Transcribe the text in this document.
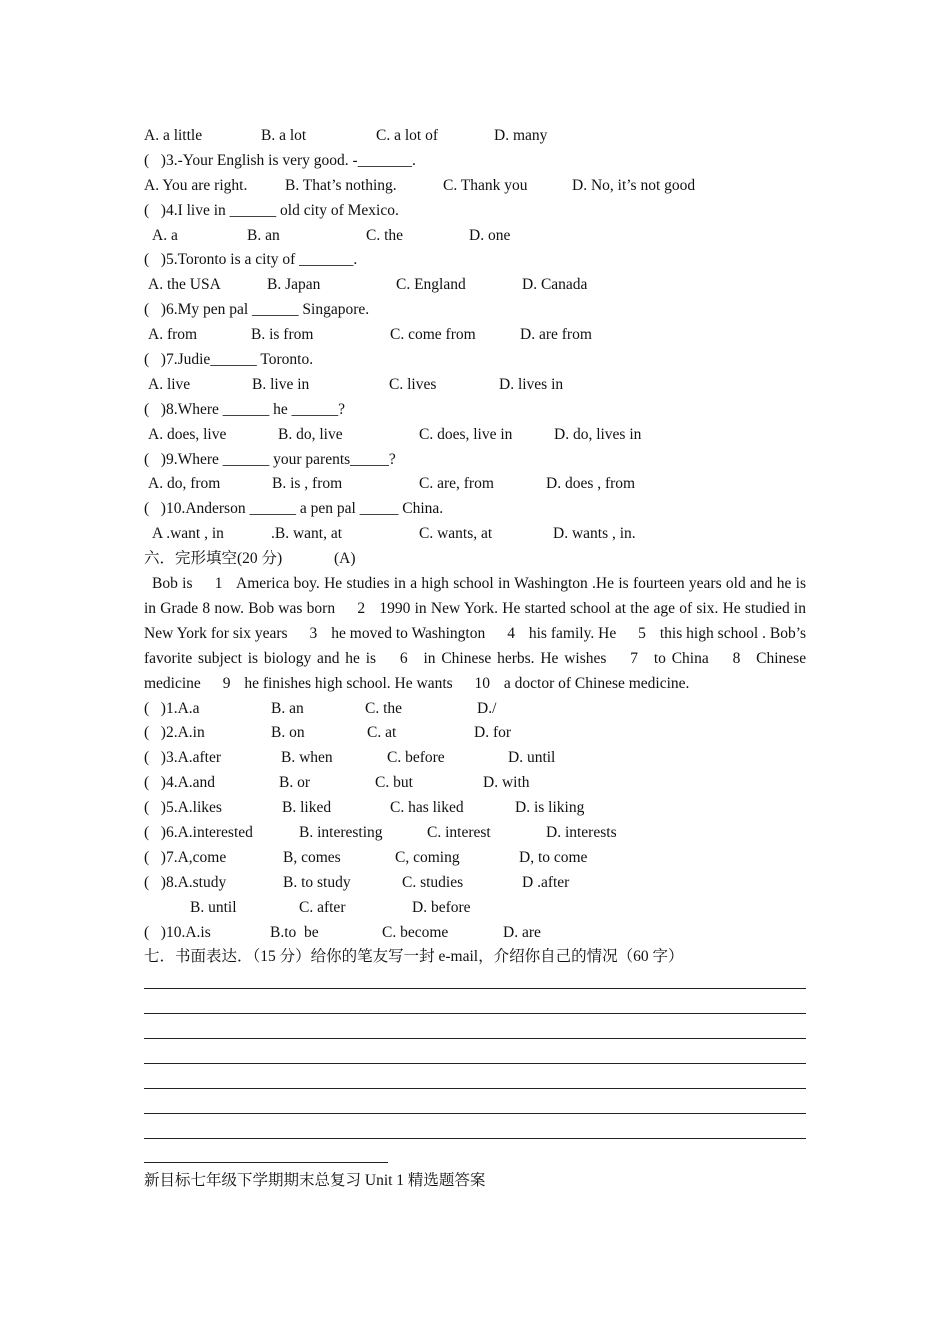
A. a little

	B. a lot

	C. a lot of

	D. many

(   )3.-Your English is very good. -_______.

A. You are right.

B. That’s nothing.

	C. Thank you

	D. No, it’s not good

(   )4.I live in ______ old city of Mexico.

A. a

	B. an

	C. the

	D. one

(   )5.Toronto is a city of _______.

A. the USA

	B. Japan

	C. England

	D. Canada

(   )6.My pen pal ______ Singapore.

A. from

	B. is from

	C. come from

	D. are from

(   )7.Judie______ Toronto.

A. live

	B. live in

	C. lives

	D. lives in

(   )8.Where ______ he ______?

A. does, live

	B. do, live

	C. does, live in

	D. do, lives in

(   )9.Where ______ your parents_____?

A. do, from

	B. is , from

	C. are, from

	D. does , from

(   )10.Anderson ______ a pen pal _____ China.

A .want , in

	.B. want, at

	C. wants, at

	D. wants , in.

六．完形填空(20 分)

	(A)

Bob is 1 America boy. He studies in a high school in Washington .He is fourteen years old and he is in Grade 8 now. Bob was born 2 1990 in New York. He started school at the age of six. He studied in New York for six years 3 he moved to Washington 4 his family. He 5 this high school . Bob’s favorite subject is biology and he is 6 in Chinese herbs. He wishes 7 to China 8 Chinese medicine 9 he finishes high school. He wants 10 a doctor of Chinese medicine.

(   )1.A.a	B. an	C. the	D./
(   )2.A.in	B. on	C. at	D. for
(   )3.A.after	B. when	C. before	D. until
(   )4.A.and	B. or	C. but	D. with
(   )5.A.likes	B. liked	C. has liked	D. is liking
(   )6.A.interested	B. interesting	C. interest	D. interests
(   )7.A,come	B, comes	C, coming	D, to come
(   )8.A.study	B. to study	C. studies	D .after
B. until	C. after	D. before
(   )10.A.is	B.to  be	C. become	D. are
七．书面表达．（15 分）给你的笔友写一封 e-mail，介绍你自己的情况（60 字）
新目标七年级下学期期末总复习 Unit 1 精选题答案
